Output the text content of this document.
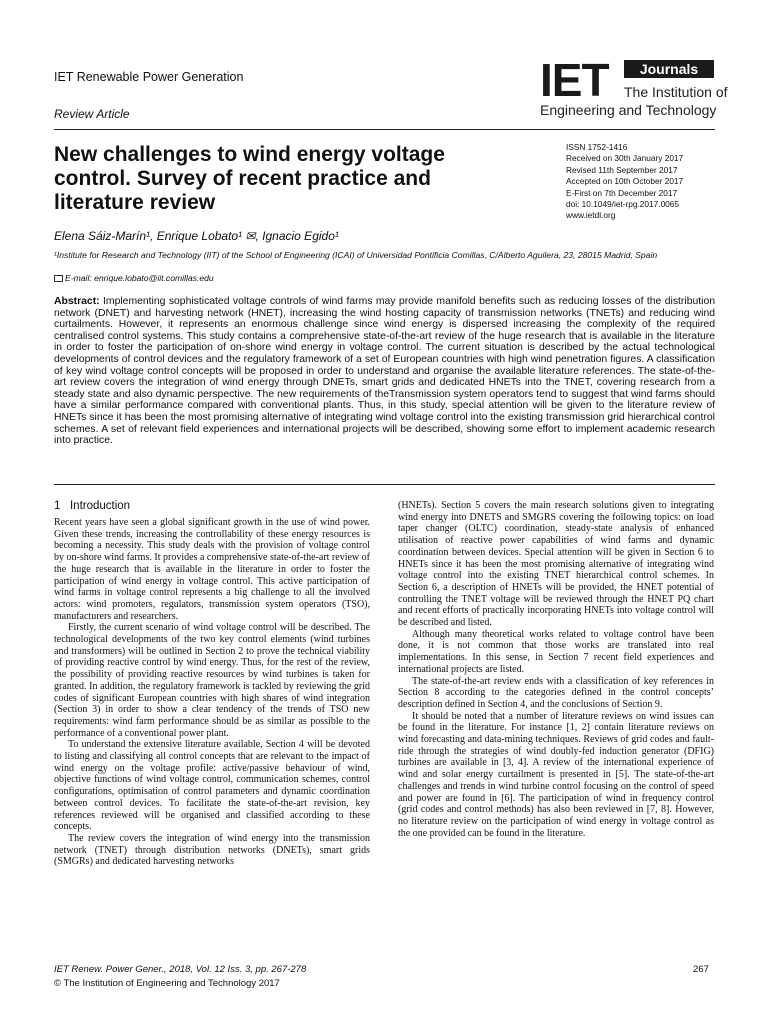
IET Renewable Power Generation
Review Article
IET	Journals
The Institution of
Engineering and Technology
New challenges to wind energy voltage control. Survey of recent practice and literature review
ISSN 1752-1416
Received on 30th January 2017
Revised 11th September 2017
Accepted on 10th October 2017
E-First on 7th December 2017
doi: 10.1049/iet-rpg.2017.0065
www.ietdl.org
Elena Sáiz-Marín¹, Enrique Lobato¹ ✉, Ignacio Egido¹
¹Institute for Research and Technology (IIT) of the School of Engineering (ICAI) of Universidad Pontificia Comillas, C/Alberto Aguilera, 23, 28015 Madrid, Spain
E-mail: enrique.lobato@iit.comillas.edu
Abstract: Implementing sophisticated voltage controls of wind farms may provide manifold benefits such as reducing losses of the distribution network (DNET) and harvesting network (HNET), increasing the wind hosting capacity of transmission networks (TNETs) and reducing wind curtailments. However, it represents an enormous challenge since wind energy is dispersed increasing the complexity of the required centralised control systems. This study contains a comprehensive state-of-the-art review of the huge research that is available in the literature in order to foster the participation of on-shore wind energy in voltage control. The current situation is described by the actual technological developments of control devices and the regulatory framework of a set of European countries with high wind penetration figures. A classification of key wind voltage control concepts will be proposed in order to understand and organise the available literature references. The state-of-the-art review covers the integration of wind energy through DNETs, smart grids and dedicated HNETs into the TNET, covering research from a steady state and also dynamic perspective. The new requirements of theTransmission system operators tend to suggest that wind farms should have a similar performance compared with conventional plants. Thus, in this study, special attention will be given to the literature review of HNETs since it has been the most promising alternative of integrating wind voltage control into the existing transmission grid hierarchical control schemes. A set of relevant field experiences and international projects will be described, showing some effort to implement academic research into practice.
1   Introduction

Recent years have seen a global significant growth in the use of wind power. Given these trends, increasing the controllability of these energy resources is becoming a necessity. This study deals with the provision of voltage control by on-shore wind farms. It provides a comprehensive state-of-the-art review of the huge research that is available in the literature in order to foster the participation of wind energy in voltage control. This active participation of wind farms in voltage control represents a big challenge to all the involved actors: wind promoters, regulators, transmission system operators (TSO), manufacturers and researchers.

Firstly, the current scenario of wind voltage control will be described. The technological developments of the two key control elements (wind turbines and transformers) will be outlined in Section 2 to prove the technical viability of providing reactive control by wind energy. Thus, for the rest of the review, the possibility of providing reactive resources by wind turbines is taken for granted. In addition, the regulatory framework is tackled by reviewing the grid codes of significant European countries with high shares of wind integration (Section 3) in order to show a clear tendency of the trends of TSO new requirements: wind farm performance should be as similar as possible to the performance of a conventional power plant.

To understand the extensive literature available, Section 4 will be devoted to listing and classifying all control concepts that are relevant to the impact of wind energy on the voltage profile: active/passive behaviour of wind, objective functions of wind voltage control, communication schemes, control configurations, optimisation of control parameters and dynamic coordination between control devices. To facilitate the state-of-the-art revision, key references reviewed will be organised and classified according to these concepts.

The review covers the integration of wind energy into the transmission network (TNET) through distribution networks (DNETs), smart grids (SMGRs) and dedicated harvesting networks

(HNETs). Section 5 covers the main research solutions given to integrating wind energy into DNETS and SMGRS covering the following topics: on load taper changer (OLTC) coordination, steady-state analysis of enhanced utilisation of reactive power capabilities of wind farms and dynamic coordination between devices. Special attention will be given in Section 6 to HNETs since it has been the most promising alternative of integrating wind voltage control into the existing TNET hierarchical control schemes. In Section 6, a description of HNETs will be provided, the HNET potential of controlling the TNET voltage will be reviewed through the HNET PQ chart and recent efforts of practically incorporating HNETs into voltage control will be described and listed.

Although many theoretical works related to voltage control have been done, it is not common that those works are translated into real implementations. In this sense, in Section 7 recent field experiences and international projects are listed.

The state-of-the-art review ends with a classification of key references in Section 8 according to the categories defined in the control concepts’ description defined in Section 4, and the conclusions of Section 9.

It should be noted that a number of literature reviews on wind issues can be found in the literature. For instance [1, 2] contain literature reviews on wind forecasting and data-mining techniques. Reviews of grid codes and fault-ride through the strategies of wind doubly-fed induction generator (DFIG) turbines are available in [3, 4]. A review of the international experience of wind and solar energy curtailment is presented in [5]. The state-of-the-art challenges and trends in wind turbine control focusing on the control of speed and power are found in [6]. The participation of wind in frequency control (grid codes and control methods) has also been reviewed in [7, 8]. However, no literature review on the participation of wind energy in voltage control as the one provided can be found in the literature.

IET Renew. Power Gener., 2018, Vol. 12 Iss. 3, pp. 267-278
© The Institution of Engineering and Technology 2017
267
